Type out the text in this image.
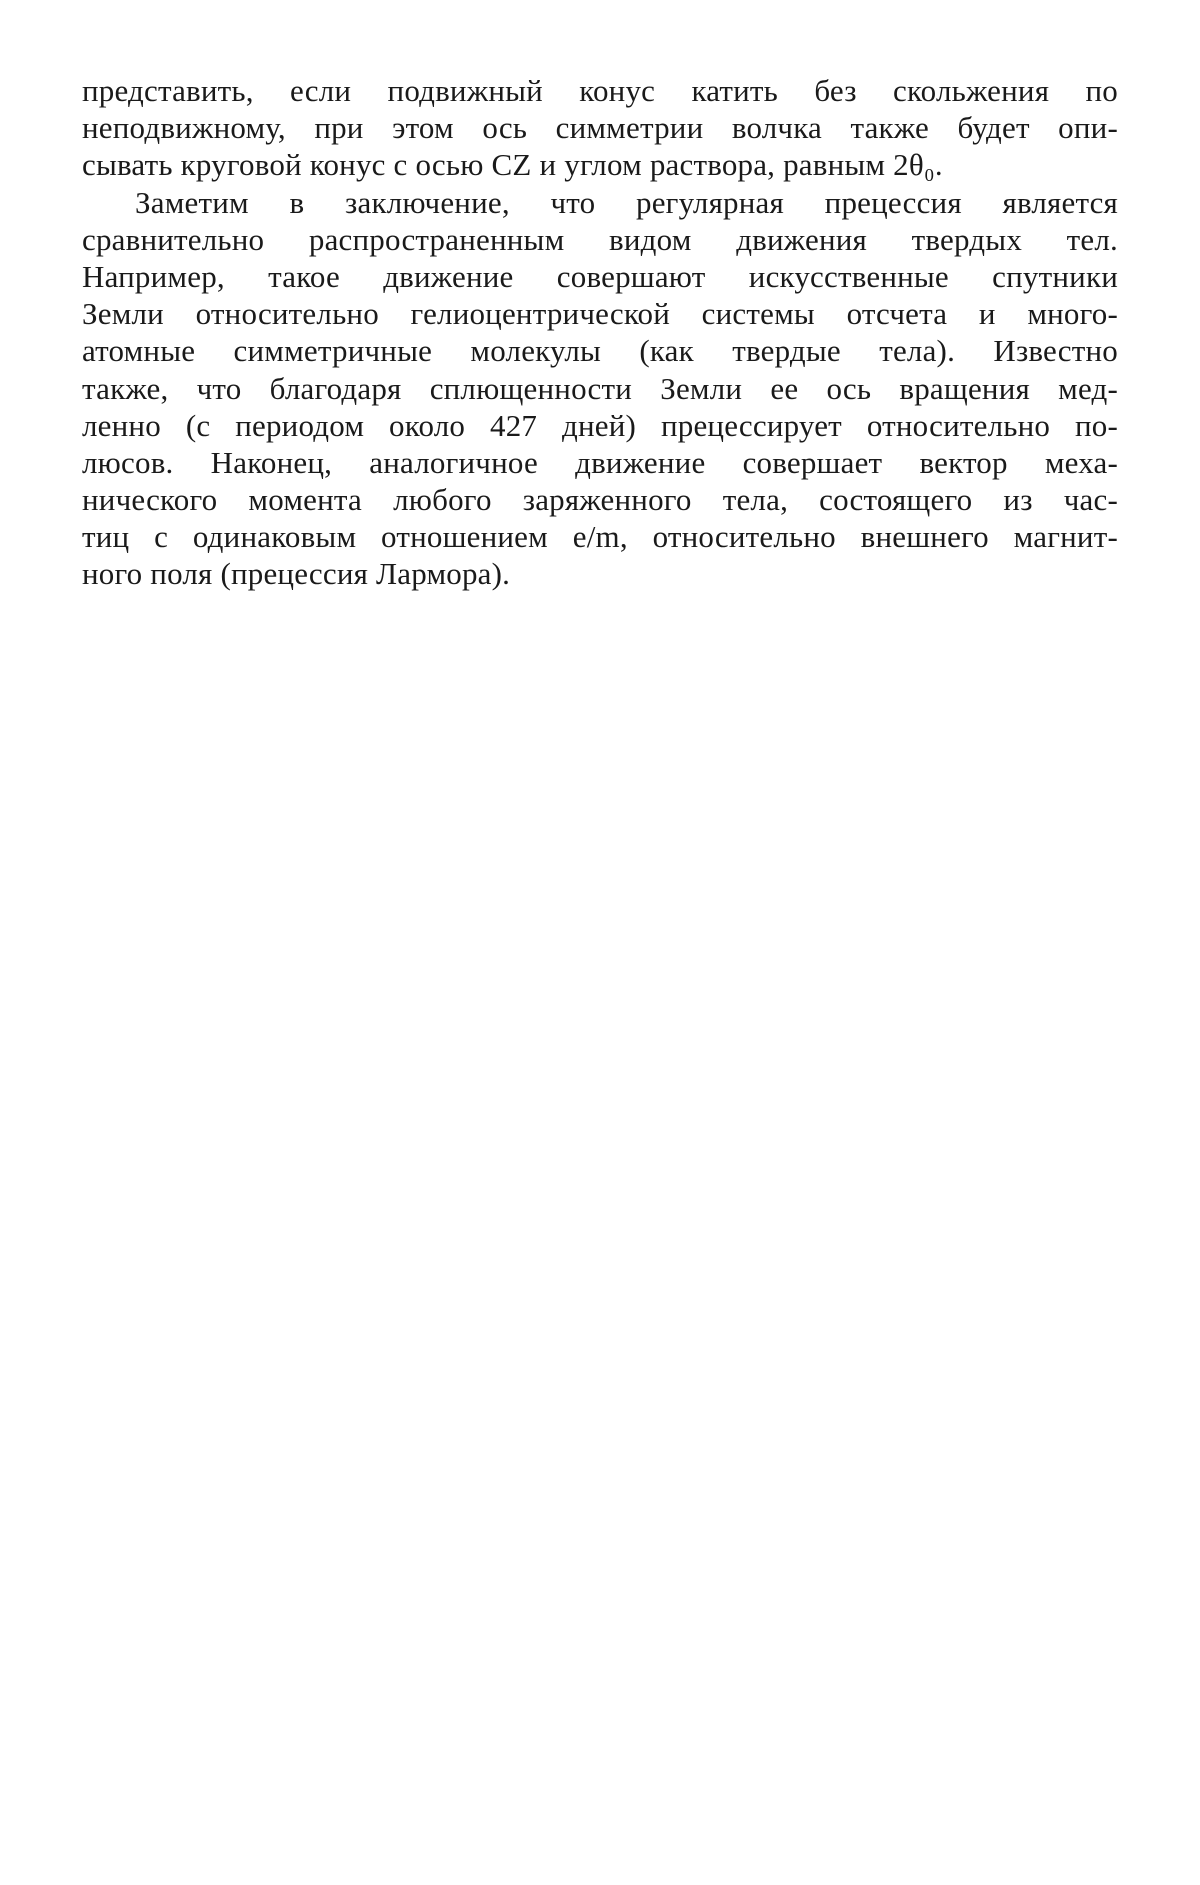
представить, если подвижный конус катить без скольжения по
неподвижному, при этом ось симметрии волчка также будет опи-
сывать круговой конус с осью CZ и углом раствора, равным 2θ₀.
Заметим в заключение, что регулярная прецессия является
сравнительно распространенным видом движения твердых тел.
Например, такое движение совершают искусственные спутники
Земли относительно гелиоцентрической системы отсчета и много-
атомные симметричные молекулы (как твердые тела). Известно
также, что благодаря сплющенности Земли ее ось вращения мед-
ленно (с периодом около 427 дней) прецессирует относительно по-
люсов. Наконец, аналогичное движение совершает вектор меха-
нического момента любого заряженного тела, состоящего из час-
тиц с одинаковым отношением e/m, относительно внешнего магнит-
ного поля (прецессия Лармора).
